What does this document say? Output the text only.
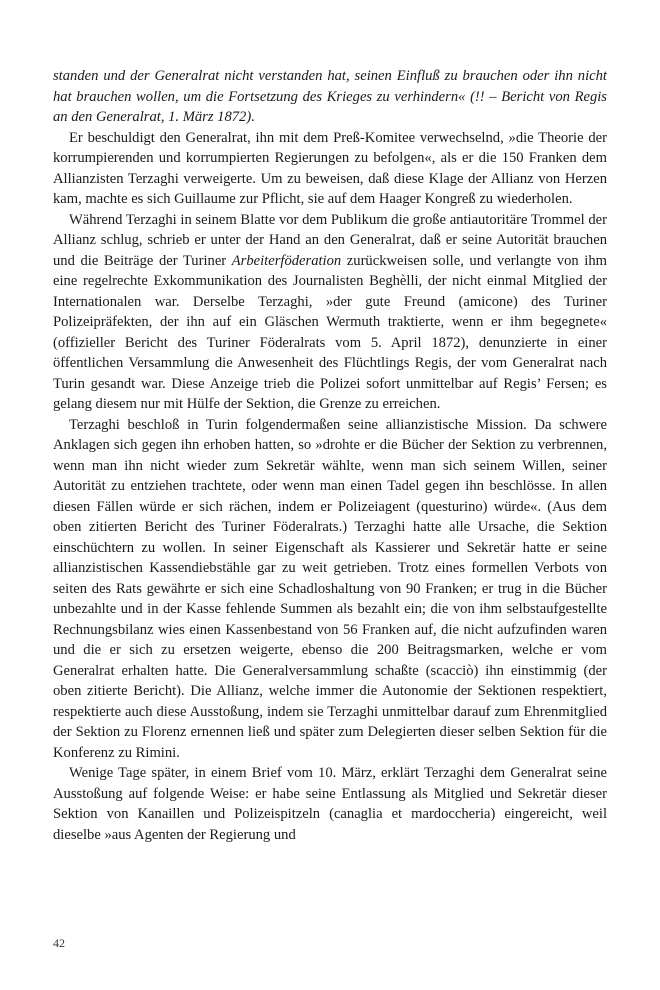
standen und der Generalrat nicht verstanden hat, seinen Einfluß zu brauchen oder ihn nicht hat brauchen wollen, um die Fortsetzung des Krieges zu verhindern« (!! – Bericht von Regis an den Generalrat, 1. März 1872).

Er beschuldigt den Generalrat, ihn mit dem Preß-Komitee verwechselnd, »die Theorie der korrumpierenden und korrumpierten Regierungen zu befolgen«, als er die 150 Franken dem Allianzisten Terzaghi verweigerte. Um zu beweisen, daß diese Klage der Allianz von Herzen kam, machte es sich Guillaume zur Pflicht, sie auf dem Haager Kongreß zu wiederholen.

Während Terzaghi in seinem Blatte vor dem Publikum die große antiautoritäre Trommel der Allianz schlug, schrieb er unter der Hand an den Generalrat, daß er seine Autorität brauchen und die Beiträge der Turiner Arbeiterföderation zurückweisen solle, und verlangte von ihm eine regelrechte Exkommunikation des Journalisten Beghèlli, der nicht einmal Mitglied der Internationalen war. Derselbe Terzaghi, »der gute Freund (amicone) des Turiner Polizeipräfekten, der ihn auf ein Gläschen Wermuth traktierte, wenn er ihm begegnete« (offizieller Bericht des Turiner Föderalrats vom 5. April 1872), denunzierte in einer öffentlichen Versammlung die Anwesenheit des Flüchtlings Regis, der vom Generalrat nach Turin gesandt war. Diese Anzeige trieb die Polizei sofort unmittelbar auf Regis’ Fersen; es gelang diesem nur mit Hülfe der Sektion, die Grenze zu erreichen.

Terzaghi beschloß in Turin folgendermaßen seine allianzistische Mission. Da schwere Anklagen sich gegen ihn erhoben hatten, so »drohte er die Bücher der Sektion zu verbrennen, wenn man ihn nicht wieder zum Sekretär wählte, wenn man sich seinem Willen, seiner Autorität zu entziehen trachtete, oder wenn man einen Tadel gegen ihn beschlösse. In allen diesen Fällen würde er sich rächen, indem er Polizeiagent (questurino) würde«. (Aus dem oben zitierten Bericht des Turiner Föderalrats.) Terzaghi hatte alle Ursache, die Sektion einschüchtern zu wollen. In seiner Eigenschaft als Kassierer und Sekretär hatte er seine allianzistischen Kassendiebstähle gar zu weit getrieben. Trotz eines formellen Verbots von seiten des Rats gewährte er sich eine Schadloshaltung von 90 Franken; er trug in die Bücher unbezahlte und in der Kasse fehlende Summen als bezahlt ein; die von ihm selbstaufgestellte Rechnungsbilanz wies einen Kassenbestand von 56 Franken auf, die nicht aufzufinden waren und die er sich zu ersetzen weigerte, ebenso die 200 Beitragsmarken, welche er vom Generalrat erhalten hatte. Die Generalversammlung schaßte (scacciò) ihn einstimmig (der oben zitierte Bericht). Die Allianz, welche immer die Autonomie der Sektionen respektiert, respektierte auch diese Ausstoßung, indem sie Terzaghi unmittelbar darauf zum Ehrenmitglied der Sektion zu Florenz ernennen ließ und später zum Delegierten dieser selben Sektion für die Konferenz zu Rimini.

Wenige Tage später, in einem Brief vom 10. März, erklärt Terzaghi dem Generalrat seine Ausstoßung auf folgende Weise: er habe seine Entlassung als Mitglied und Sekretär dieser Sektion von Kanaillen und Polizeispitzeln (canaglia et mardoccheria) eingereicht, weil dieselbe »aus Agenten der Regierung und

42
